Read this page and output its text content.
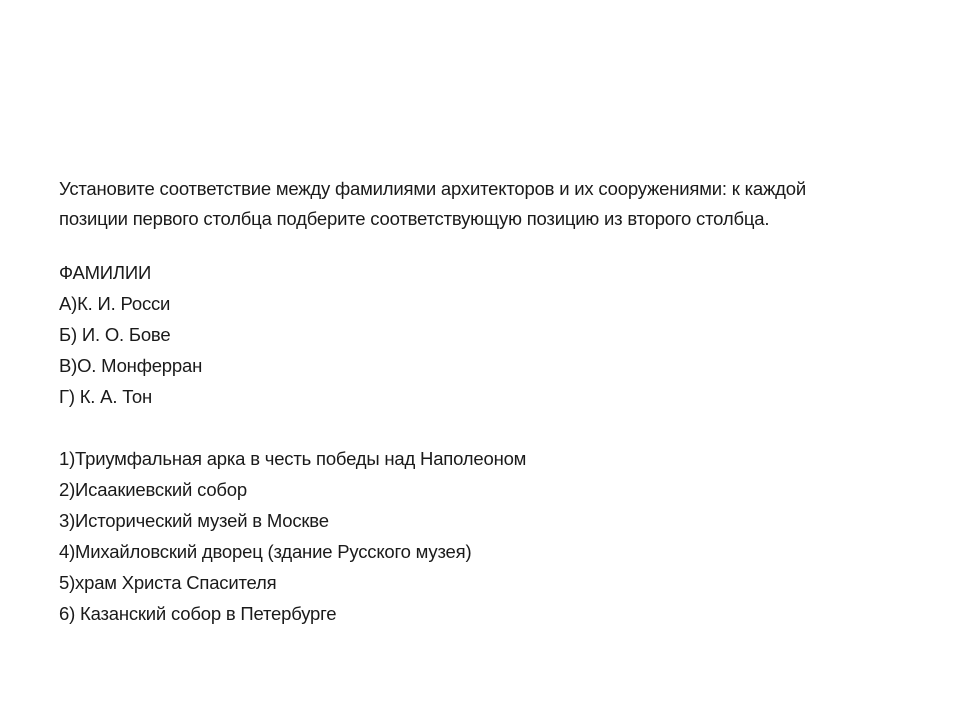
Установите соответствие между фамилиями архитекторов и их сооружениями: к каждой
позиции первого столбца подберите соответствующую позицию из второго столбца.

ФАМИЛИИ
А)К. И. Росси
Б) И. О. Бове
В)О. Монферран
Г) К. А. Тон
1)Триумфальная арка в честь победы над Наполеоном
2)Исаакиевский собор
3)Исторический музей в Москве
4)Михайловский дворец (здание Русского музея)
5)храм Христа Спасителя
6) Казанский собор в Петербурге
